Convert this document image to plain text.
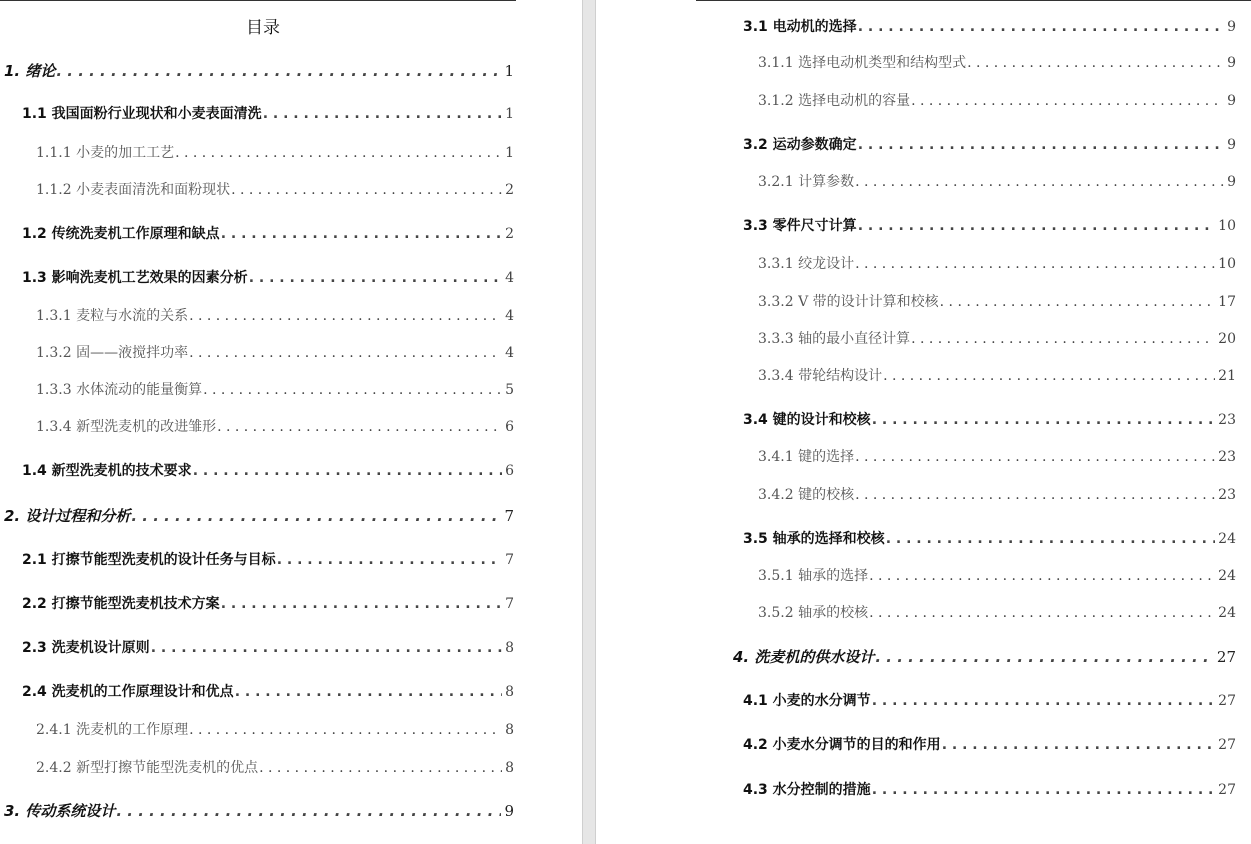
目录
1. 绪论 . . .	1
1.1 我国面粉行业现状和小麦表面清洗 . . .	1
1.1.1 小麦的加工工艺 . . .	1
1.1.2 小麦表面清洗和面粉现状 . . .	2
1.2 传统洗麦机工作原理和缺点 . . .	2
1.3 影响洗麦机工艺效果的因素分析 . . .	4
1.3.1 麦粒与水流的关系 . . .	4
1.3.2 固——液搅拌功率 . . .	4
1.3.3 水体流动的能量衡算 . . .	5
1.3.4 新型洗麦机的改进雏形 . . .	6
1.4 新型洗麦机的技术要求 . . .	6
2. 设计过程和分析 . . .	7
2.1 打擦节能型洗麦机的设计任务与目标 . . .	7
2.2 打擦节能型洗麦机技术方案 . . .	7
2.3 洗麦机设计原则 . . .	8
2.4 洗麦机的工作原理设计和优点 . . .	8
2.4.1 洗麦机的工作原理 . . .	8
2.4.2 新型打擦节能型洗麦机的优点 . . .	8
3. 传动系统设计 . . .	9
3.1 电动机的选择 . . .	9
3.1.1 选择电动机类型和结构型式 . . .	9
3.1.2 选择电动机的容量 . . .	9
3.2 运动参数确定 . . .	9
3.2.1 计算参数 . . .	9
3.3 零件尺寸计算 . . .	10
3.3.1 绞龙设计 . . .	10
3.3.2 V 带的设计计算和校核 . . .	17
3.3.3 轴的最小直径计算 . . .	20
3.3.4 带轮结构设计 . . .	21
3.4 键的设计和校核 . . .	23
3.4.1 键的选择 . . .	23
3.4.2 键的校核 . . .	23
3.5 轴承的选择和校核 . . .	24
3.5.1 轴承的选择 . . .	24
3.5.2 轴承的校核 . . .	24
4. 洗麦机的供水设计 . . .	27
4.1 小麦的水分调节 . . .	27
4.2 小麦水分调节的目的和作用 . . .	27
4.3 水分控制的措施 . . .	27
